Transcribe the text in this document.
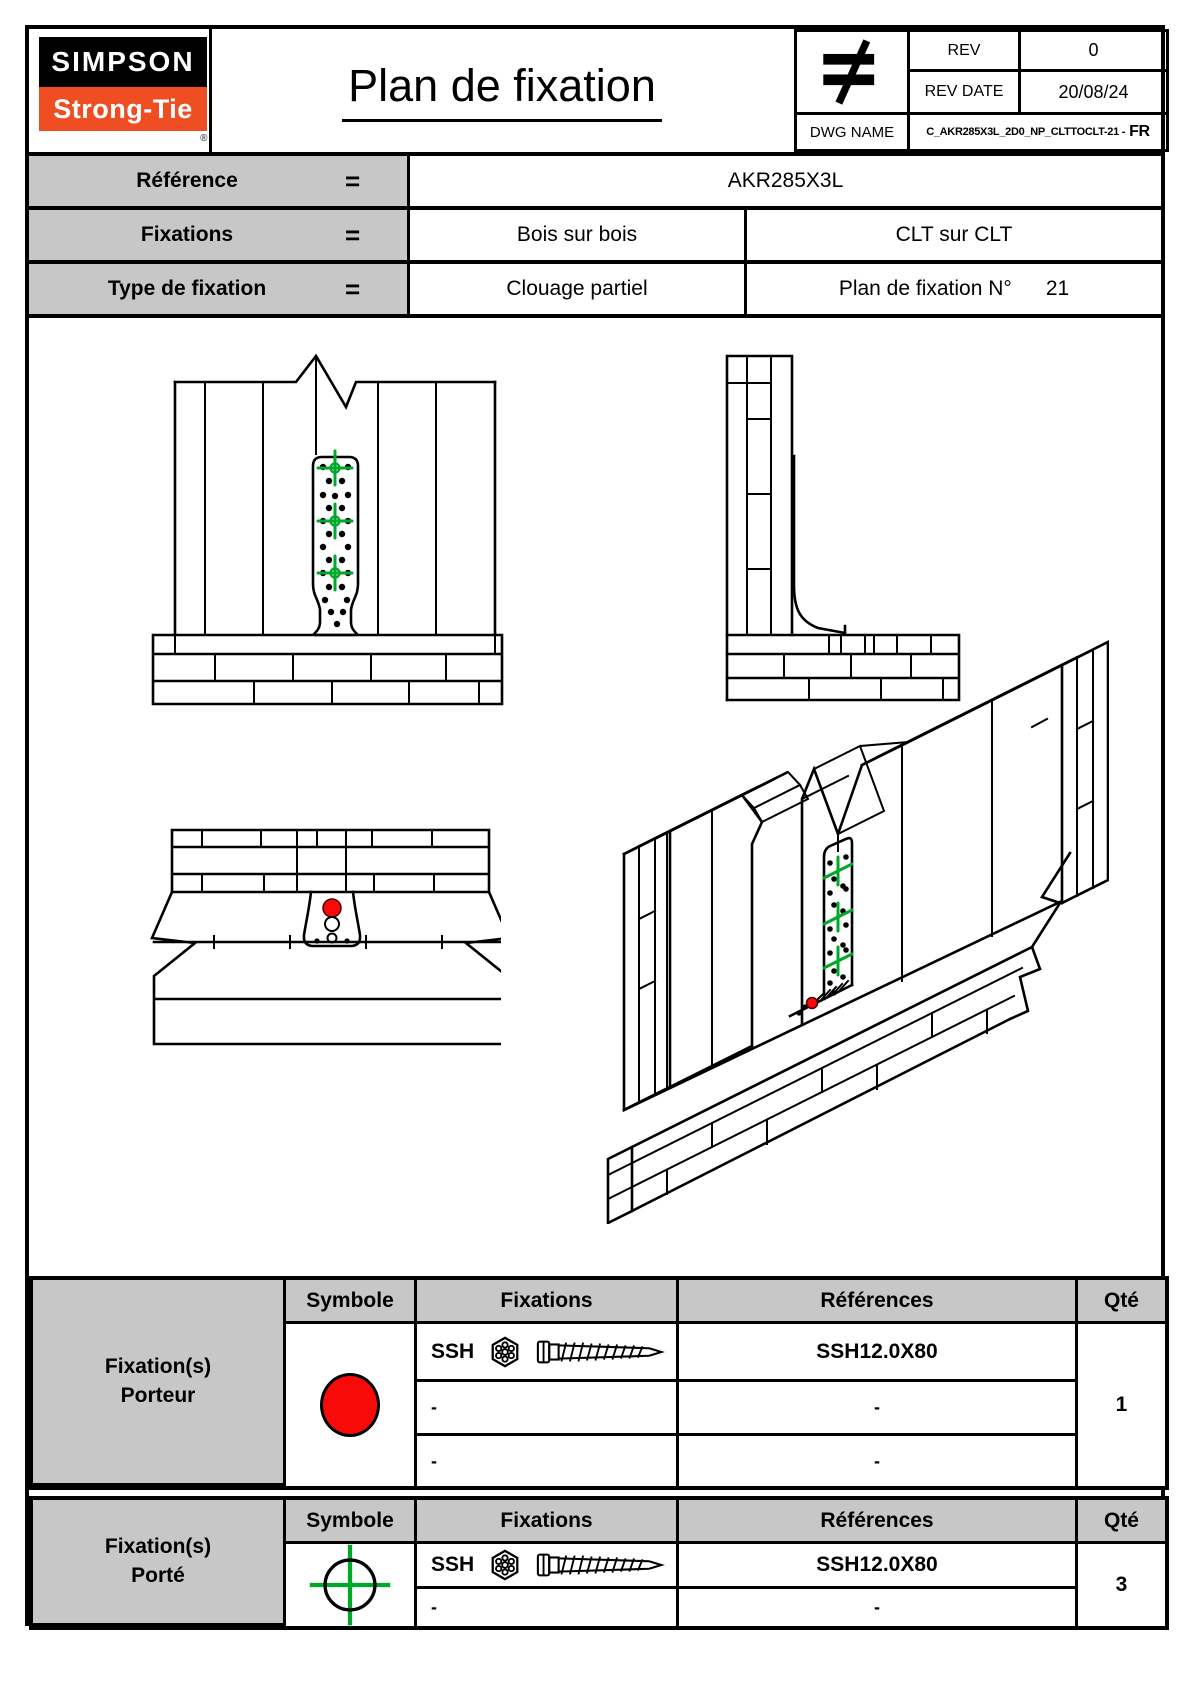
SIMPSON
Strong-Tie
®
Plan de fixation
REV	0
REV DATE	20/08/24
DWG NAME	C_AKR285X3L_2D0_NP_CLTTOCLT-21 - FR
Référence	=	AKR285X3L
Fixations	=	Bois sur bois	CLT sur CLT
Type de fixation	=	Clouage partiel	Plan de fixation N° 21
Fixation(s)
Porteur
Symbole	Fixations	Références	Qté
SSH	SSH12.0X80
1
-	-
-	-
Fixation(s)
Porté
Symbole	Fixations	Références	Qté
SSH	SSH12.0X80
3
-	-
